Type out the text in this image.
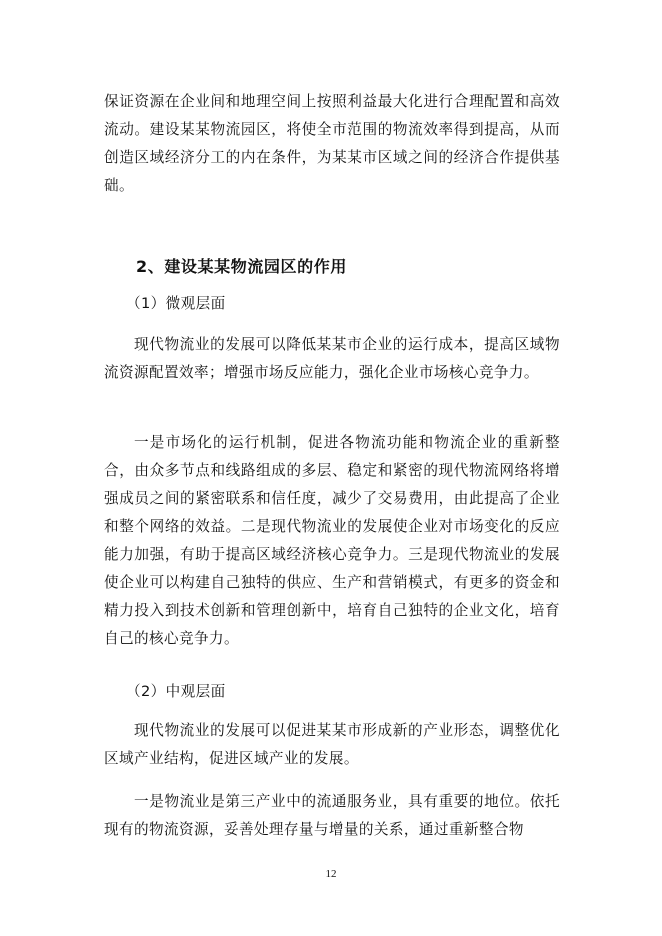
保证资源在企业间和地理空间上按照利益最大化进行合理配置和高效流动。建设某某物流园区，将使全市范围的物流效率得到提高，从而创造区域经济分工的内在条件，为某某市区域之间的经济合作提供基础。

2、建设某某物流园区的作用

（1）微观层面

现代物流业的发展可以降低某某市企业的运行成本，提高区域物流资源配置效率；增强市场反应能力，强化企业市场核心竞争力。

一是市场化的运行机制，促进各物流功能和物流企业的重新整合，由众多节点和线路组成的多层、稳定和紧密的现代物流网络将增强成员之间的紧密联系和信任度，减少了交易费用，由此提高了企业和整个网络的效益。二是现代物流业的发展使企业对市场变化的反应能力加强，有助于提高区域经济核心竞争力。三是现代物流业的发展使企业可以构建自己独特的供应、生产和营销模式，有更多的资金和精力投入到技术创新和管理创新中，培育自己独特的企业文化，培育自己的核心竞争力。

（2）中观层面

现代物流业的发展可以促进某某市形成新的产业形态，调整优化区域产业结构，促进区域产业的发展。

一是物流业是第三产业中的流通服务业，具有重要的地位。依托现有的物流资源，妥善处理存量与增量的关系，通过重新整合物

12
